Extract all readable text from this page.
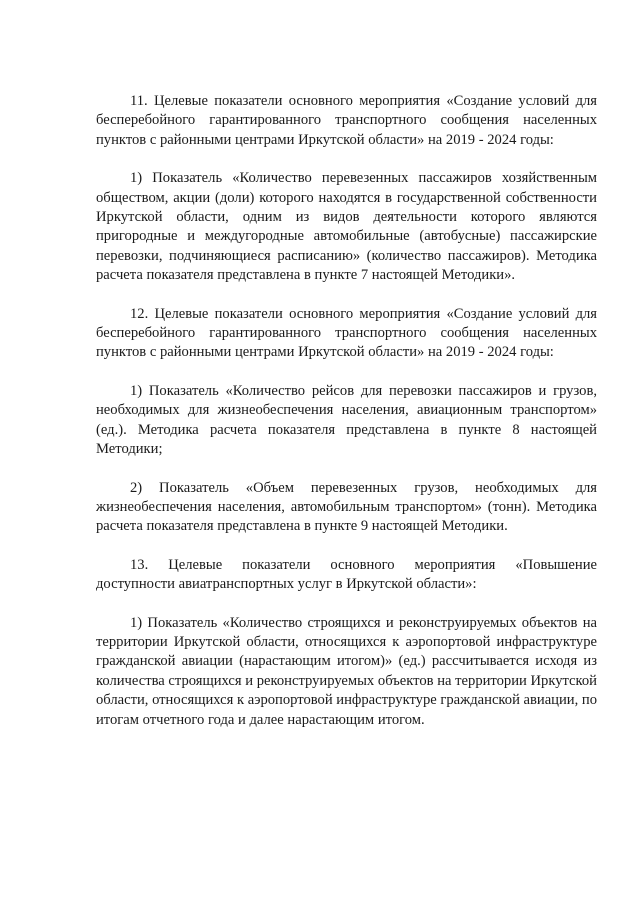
11. Целевые показатели основного мероприятия «Создание условий для бесперебойного гарантированного транспортного сообщения населенных пунктов с районными центрами Иркутской области» на 2019 - 2024 годы:

1) Показатель «Количество перевезенных пассажиров хозяйственным обществом, акции (доли) которого находятся в государственной собственности Иркутской области, одним из видов деятельности которого являются пригородные и междугородные автомобильные (автобусные) пассажирские перевозки, подчиняющиеся расписанию» (количество пассажиров). Методика расчета показателя представлена в пункте 7 настоящей Методики».

12. Целевые показатели основного мероприятия «Создание условий для бесперебойного гарантированного транспортного сообщения населенных пунктов с районными центрами Иркутской области» на 2019 - 2024 годы:

1) Показатель «Количество рейсов для перевозки пассажиров и грузов, необходимых для жизнеобеспечения населения, авиационным транспортом» (ед.). Методика расчета показателя представлена в пункте 8 настоящей Методики;

2) Показатель «Объем перевезенных грузов, необходимых для жизнеобеспечения населения, автомобильным транспортом» (тонн). Методика расчета показателя представлена в пункте 9 настоящей Методики.

13. Целевые показатели основного мероприятия «Повышение доступности авиатранспортных услуг в Иркутской области»:

1) Показатель «Количество строящихся и реконструируемых объектов на территории Иркутской области, относящихся к аэропортовой инфраструктуре гражданской авиации (нарастающим итогом)» (ед.) рассчитывается исходя из количества строящихся и реконструируемых объектов на территории Иркутской области, относящихся к аэропортовой инфраструктуре гражданской авиации, по итогам отчетного года и далее нарастающим итогом.
